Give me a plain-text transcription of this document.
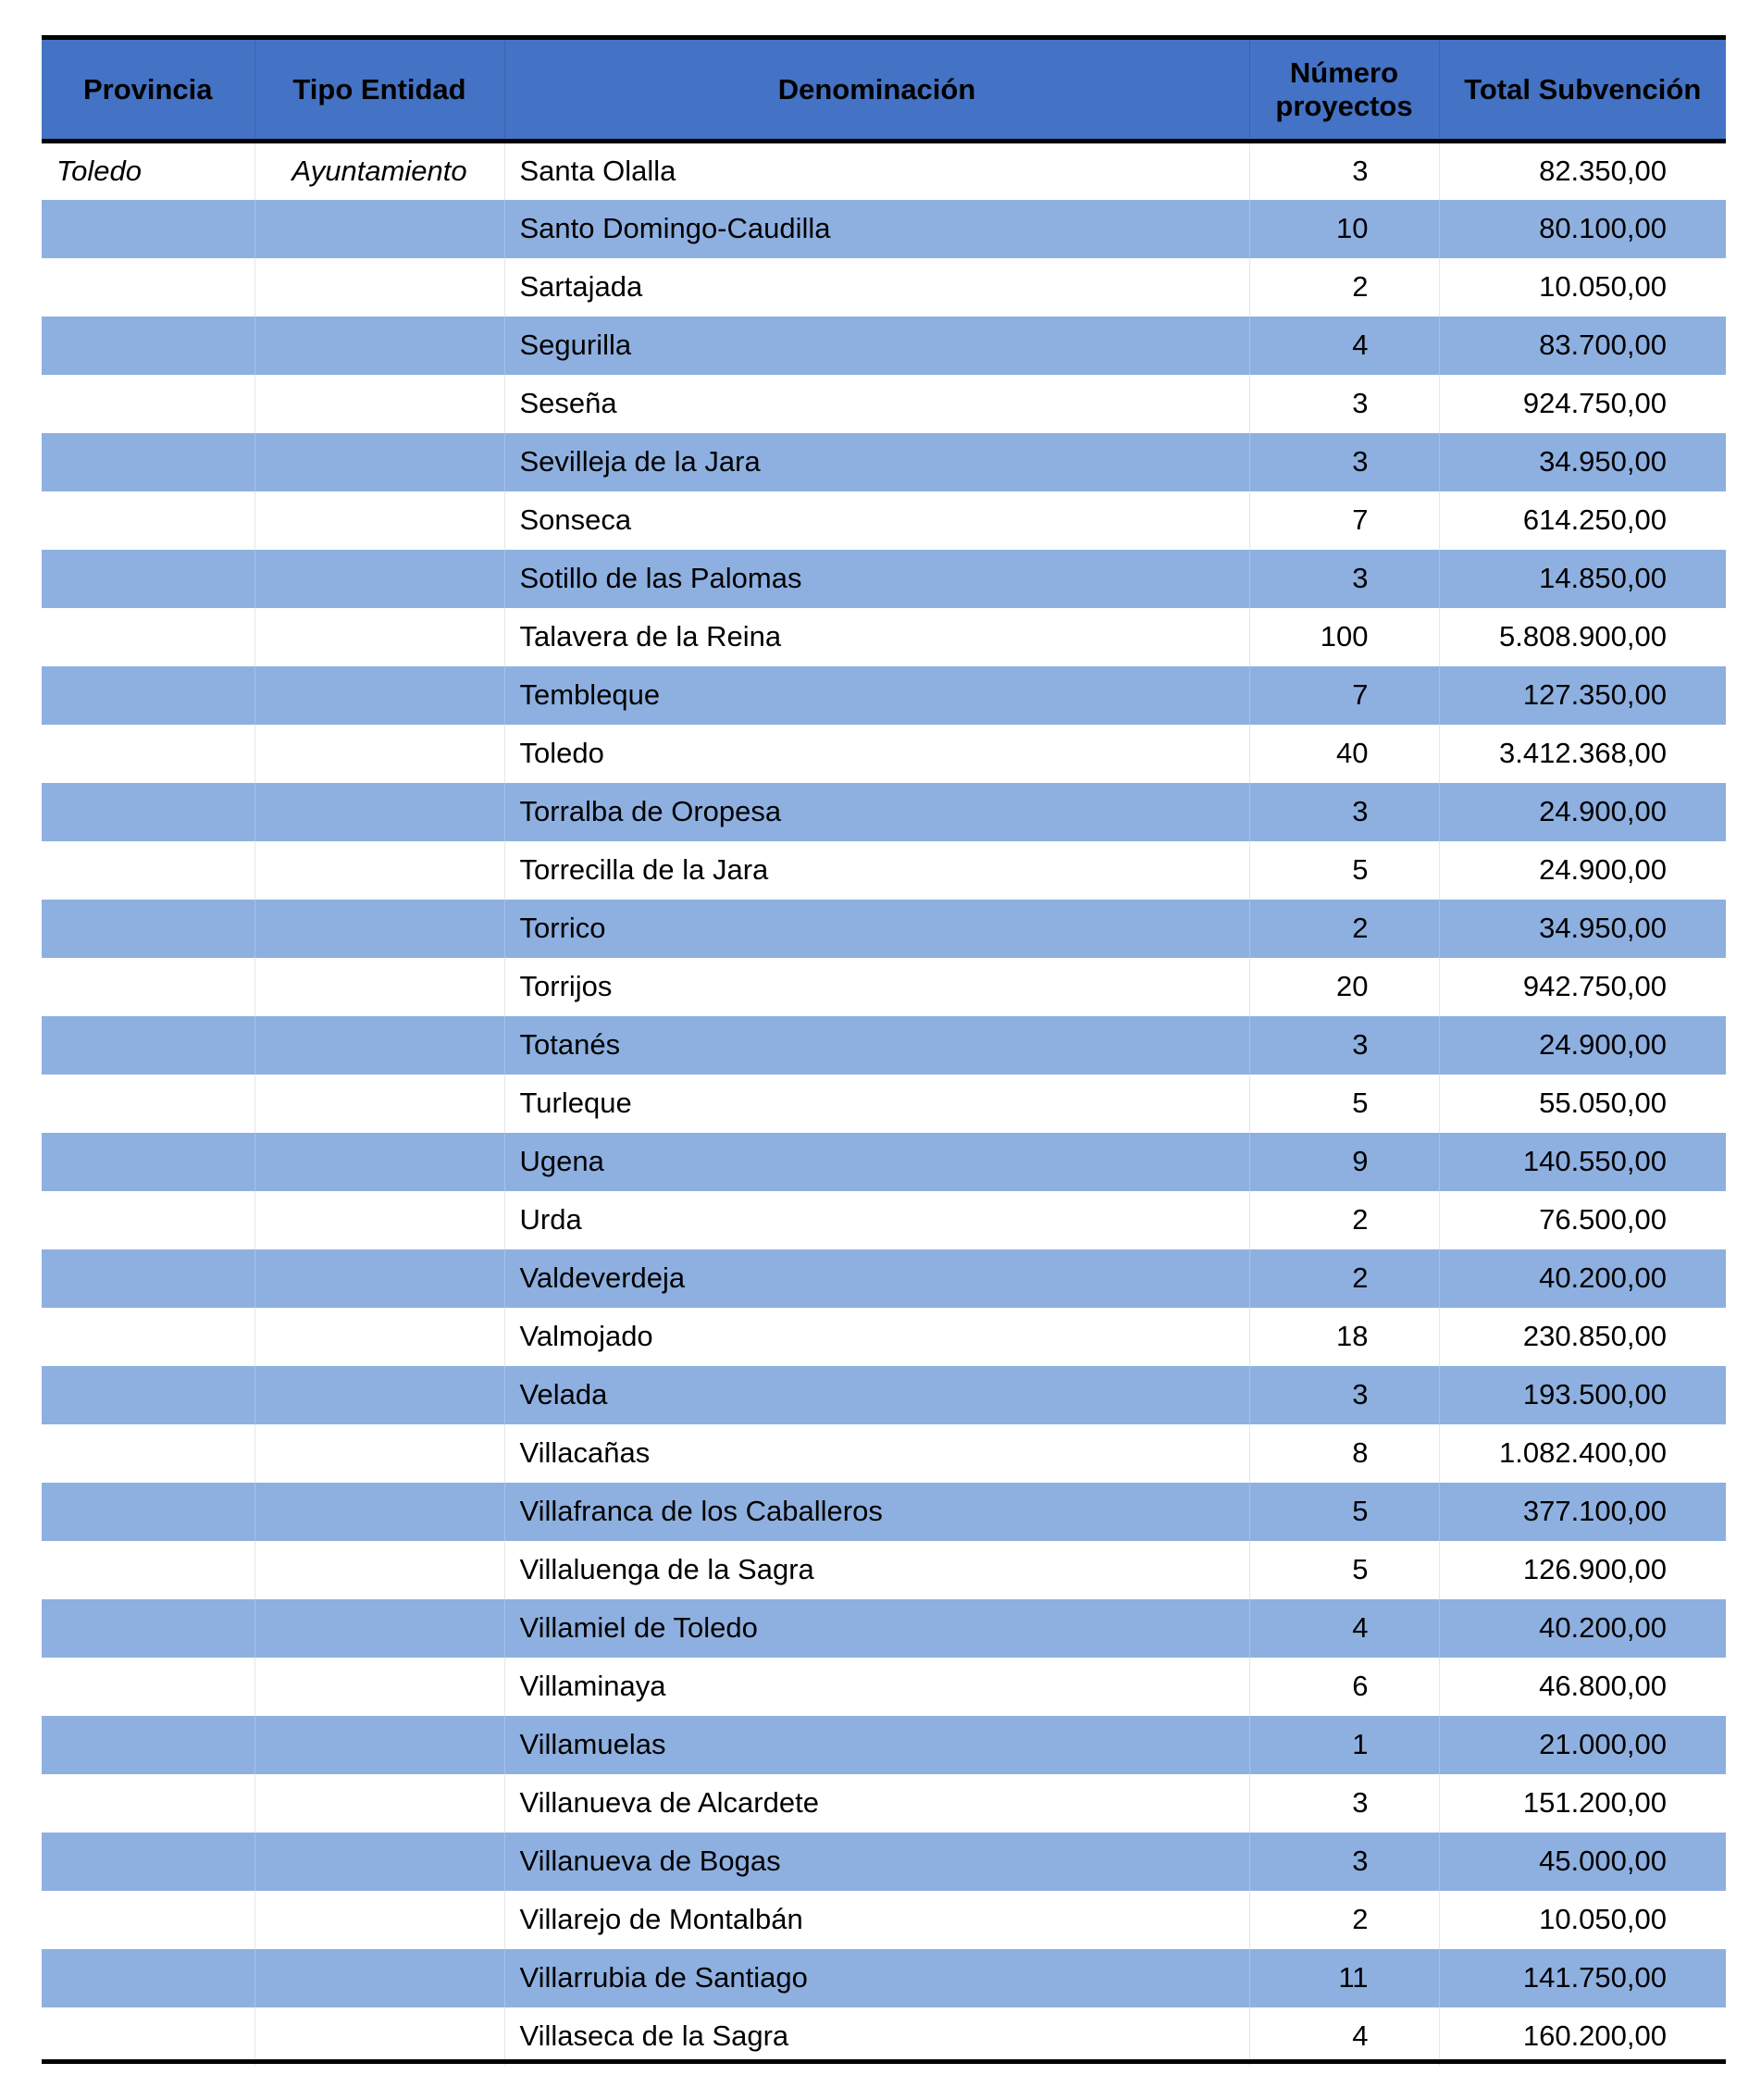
Provincia	Tipo Entidad	Denominación	Número proyectos	Total Subvención
Toledo	Ayuntamiento	Santa Olalla	3	82.350,00
		Santo Domingo-Caudilla	10	80.100,00
		Sartajada	2	10.050,00
		Segurilla	4	83.700,00
		Seseña	3	924.750,00
		Sevilleja de la Jara	3	34.950,00
		Sonseca	7	614.250,00
		Sotillo de las Palomas	3	14.850,00
		Talavera de la Reina	100	5.808.900,00
		Tembleque	7	127.350,00
		Toledo	40	3.412.368,00
		Torralba de Oropesa	3	24.900,00
		Torrecilla de la Jara	5	24.900,00
		Torrico	2	34.950,00
		Torrijos	20	942.750,00
		Totanés	3	24.900,00
		Turleque	5	55.050,00
		Ugena	9	140.550,00
		Urda	2	76.500,00
		Valdeverdeja	2	40.200,00
		Valmojado	18	230.850,00
		Velada	3	193.500,00
		Villacañas	8	1.082.400,00
		Villafranca de los Caballeros	5	377.100,00
		Villaluenga de la Sagra	5	126.900,00
		Villamiel de Toledo	4	40.200,00
		Villaminaya	6	46.800,00
		Villamuelas	1	21.000,00
		Villanueva de Alcardete	3	151.200,00
		Villanueva de Bogas	3	45.000,00
		Villarejo de Montalbán	2	10.050,00
		Villarrubia de Santiago	11	141.750,00
		Villaseca de la Sagra	4	160.200,00
